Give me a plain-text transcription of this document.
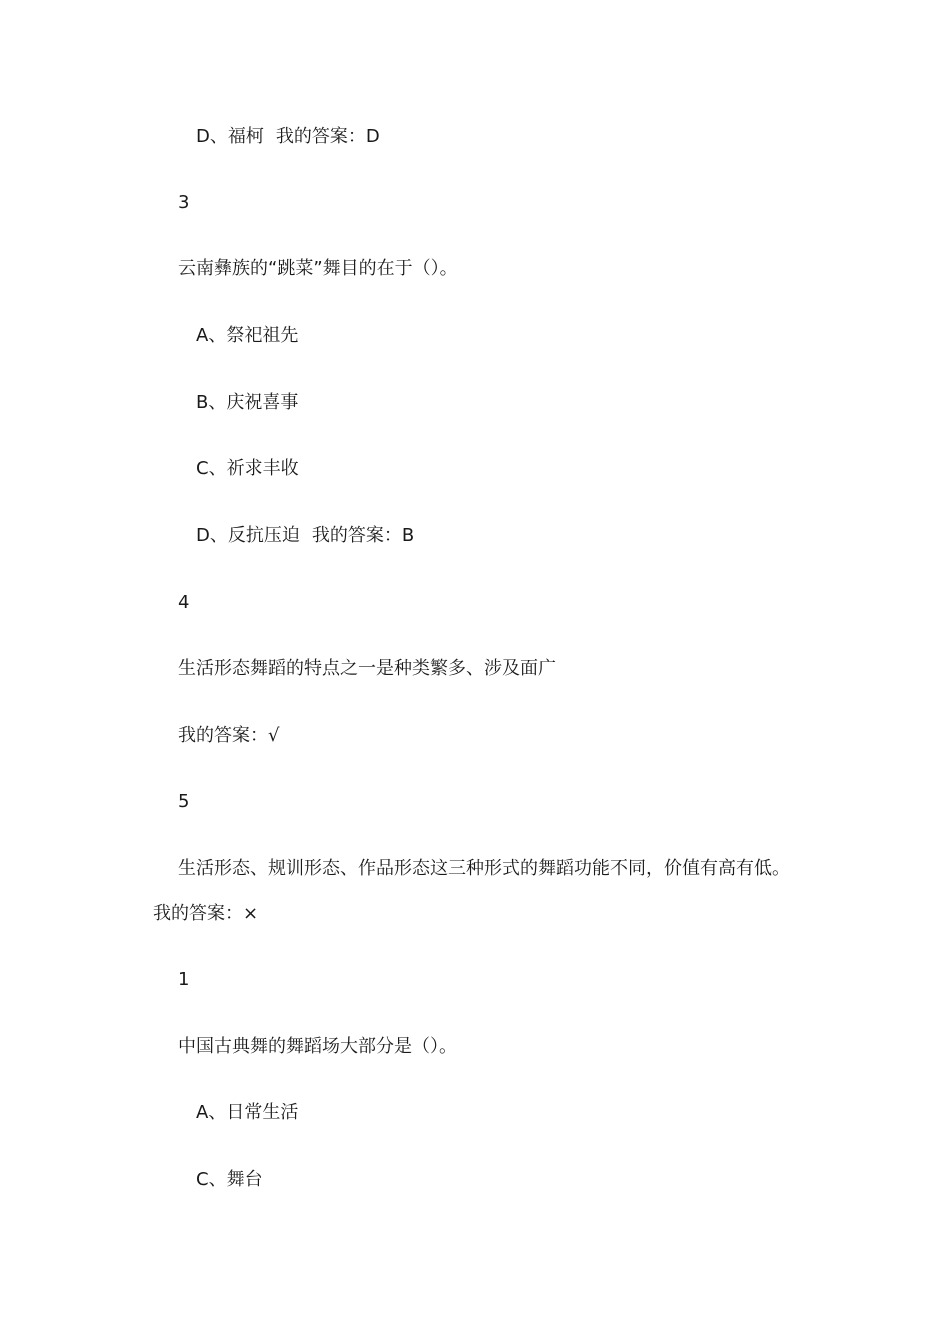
D、福柯 我的答案：D
3
云南彝族的“跳菜”舞目的在于（）。
A、祭祀祖先
B、庆祝喜事
C、祈求丰收
D、反抗压迫 我的答案：B
4
生活形态舞蹈的特点之一是种类繁多、涉及面广
我的答案：√
5
生活形态、规训形态、作品形态这三种形式的舞蹈功能不同，价值有高有低。
我的答案：×
1
中国古典舞的舞蹈场大部分是（）。
A、日常生活
C、舞台
